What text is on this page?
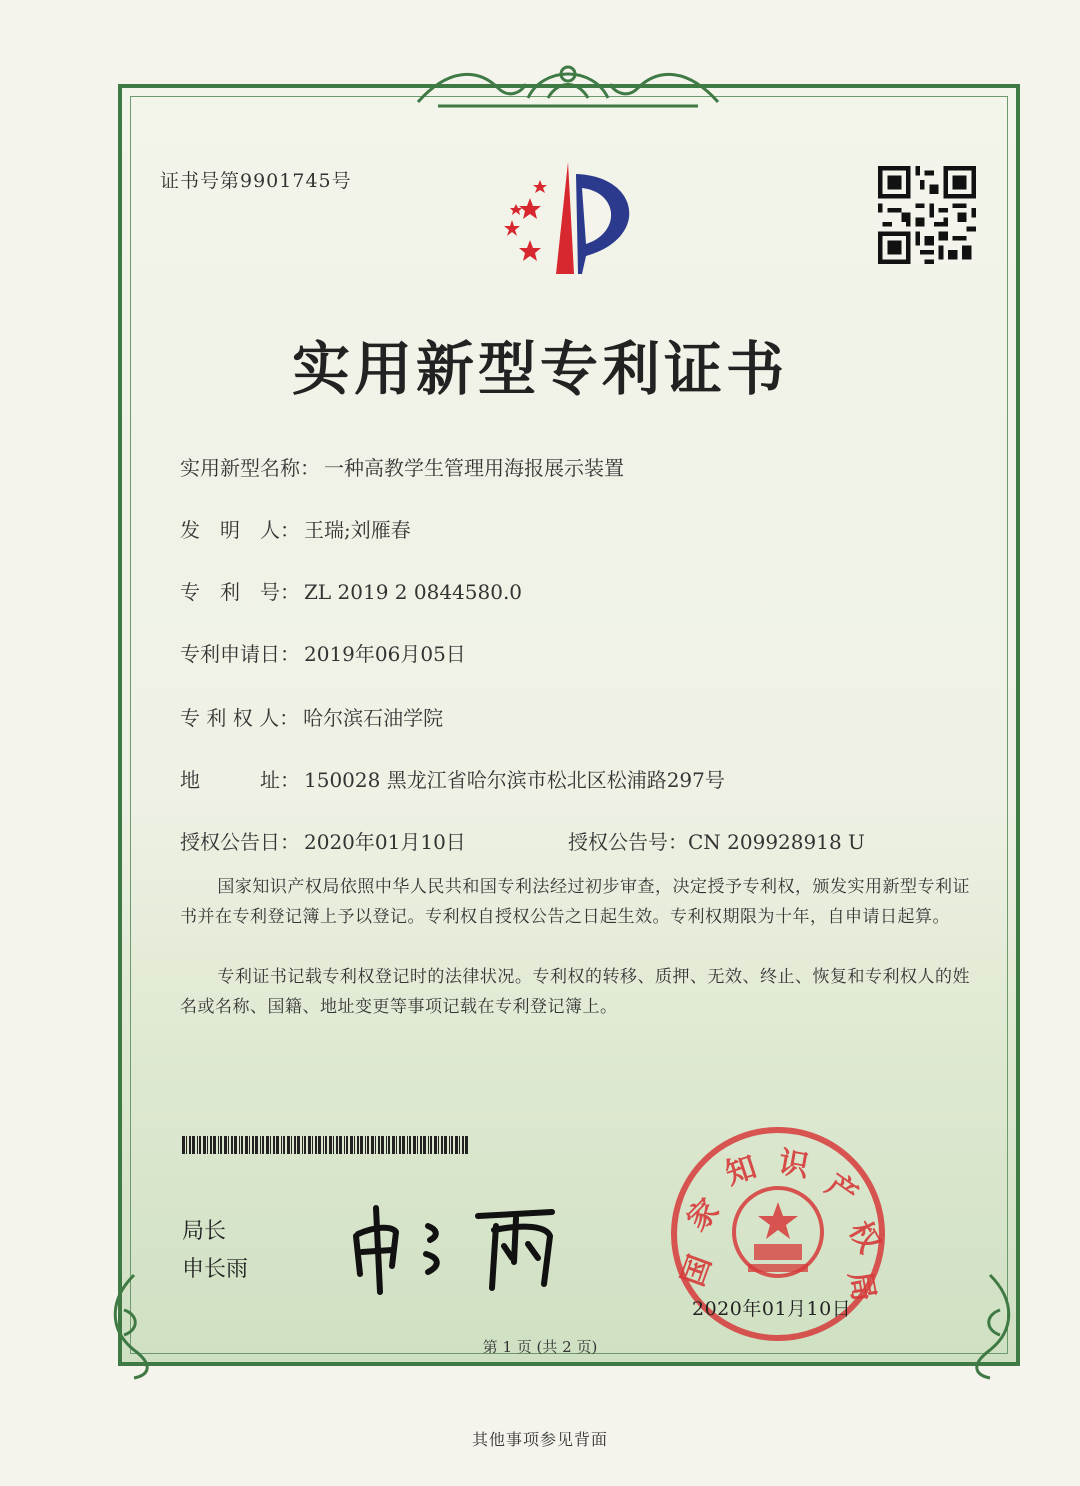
证书号第9901745号
实用新型专利证书
实用新型名称： 一种高教学生管理用海报展示装置
发　明　人： 王瑞;刘雁春
专　利　号： ZL 2019 2 0844580.0
专利申请日： 2019年06月05日
专 利 权 人： 哈尔滨石油学院
地　　　址： 150028 黑龙江省哈尔滨市松北区松浦路297号
授权公告日： 2020年01月10日	授权公告号：CN 209928918 U
国家知识产权局依照中华人民共和国专利法经过初步审查，决定授予专利权，颁发实用新型专利证书并在专利登记簿上予以登记。专利权自授权公告之日起生效。专利权期限为十年，自申请日起算。
专利证书记载专利权登记时的法律状况。专利权的转移、质押、无效、终止、恢复和专利权人的姓名或名称、国籍、地址变更等事项记载在专利登记簿上。
局长
申长雨	国
家
知 识
产
权
局
2020年01月10日
第 1 页 (共 2 页)
其他事项参见背面
